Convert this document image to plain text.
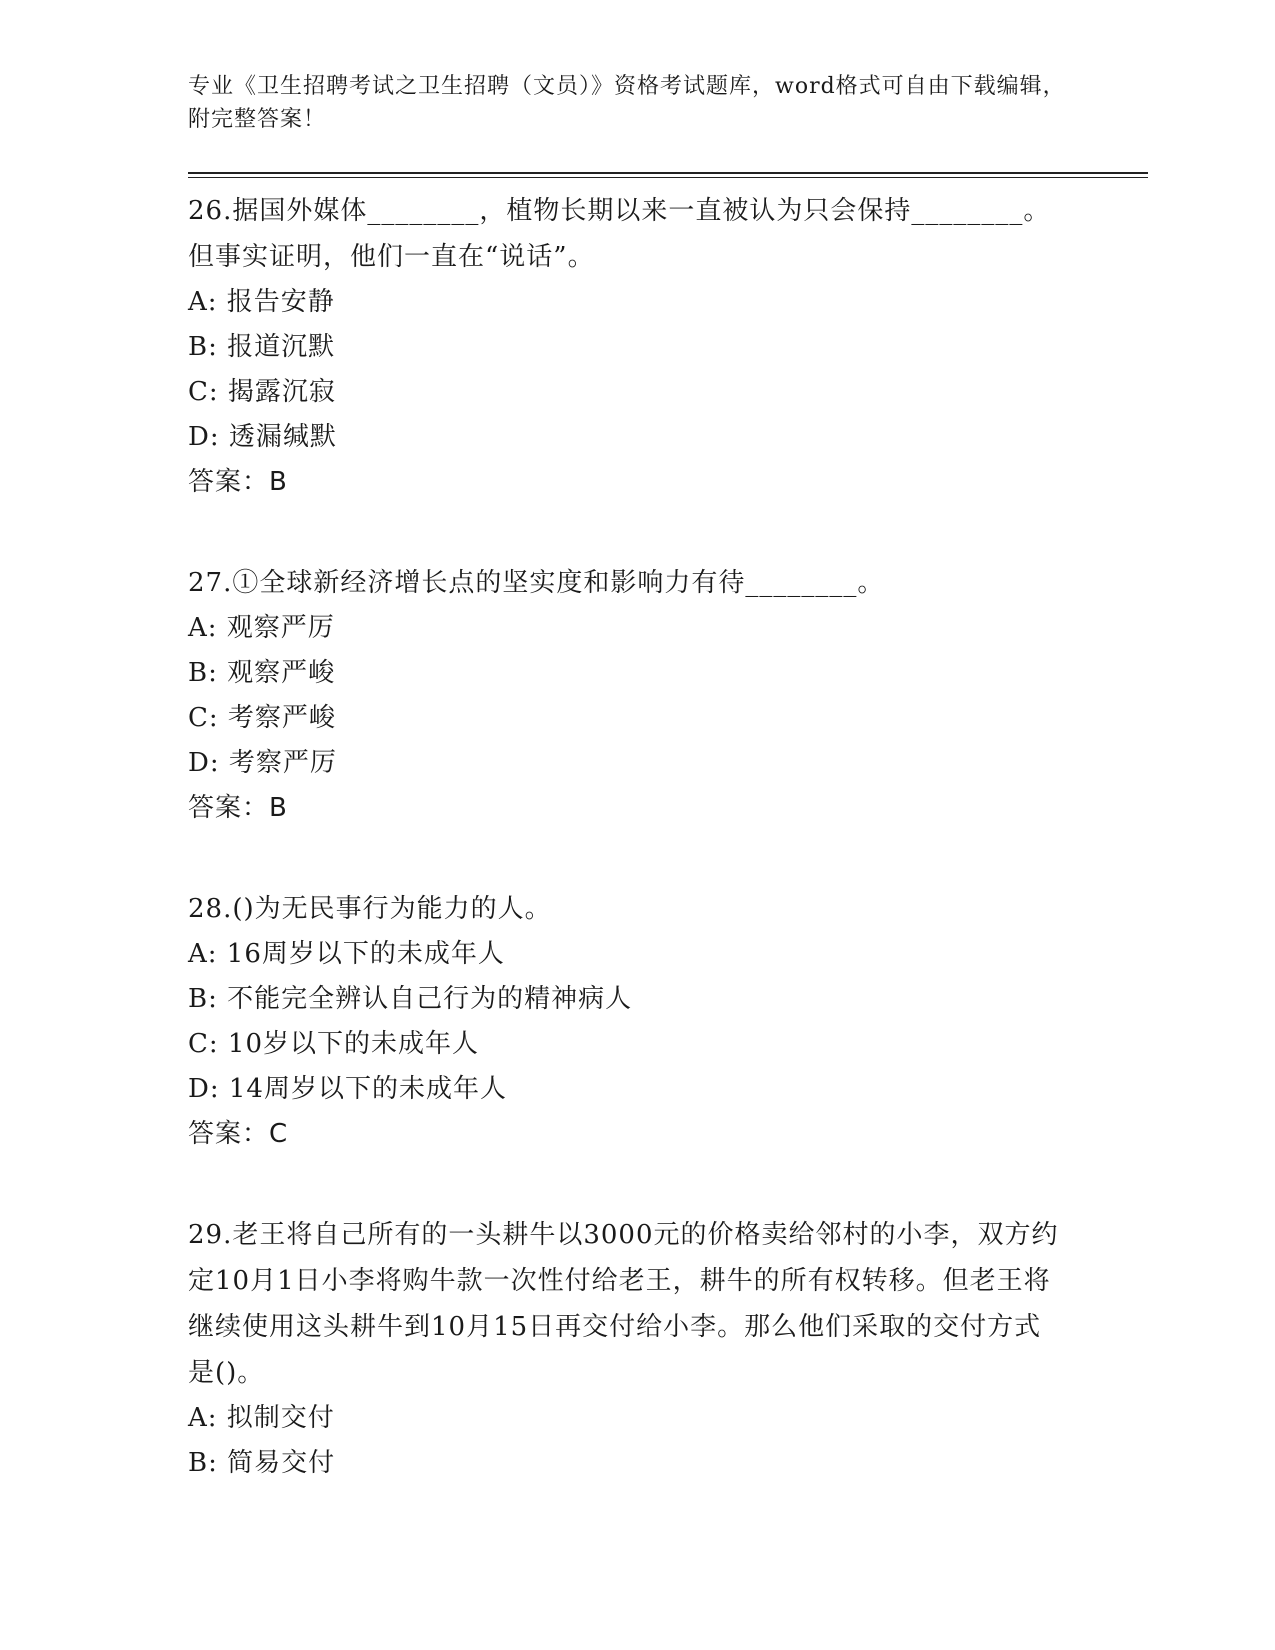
专业《卫生招聘考试之卫生招聘（文员）》资格考试题库，word格式可自由下载编辑，附完整答案！

26.据国外媒体________，植物长期以来一直被认为只会保持________。但事实证明，他们一直在“说话”。

A: 报告安静

B: 报道沉默

C: 揭露沉寂

D: 透漏缄默

答案：B

27.①全球新经济增长点的坚实度和影响力有待________。

A: 观察严厉

B: 观察严峻

C: 考察严峻

D: 考察严厉

答案：B

28.()为无民事行为能力的人。

A: 16周岁以下的未成年人

B: 不能完全辨认自己行为的精神病人

C: 10岁以下的未成年人

D: 14周岁以下的未成年人

答案：C

29.老王将自己所有的一头耕牛以3000元的价格卖给邻村的小李，双方约定10月1日小李将购牛款一次性付给老王，耕牛的所有权转移。但老王将继续使用这头耕牛到10月15日再交付给小李。那么他们采取的交付方式是()。

A: 拟制交付

B: 简易交付
